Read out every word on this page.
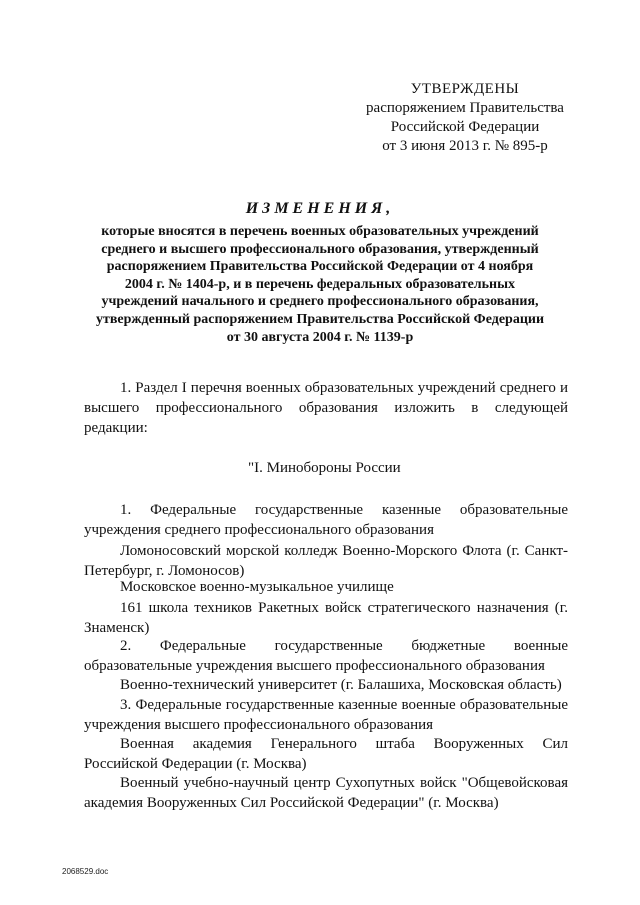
УТВЕРЖДЕНЫ
распоряжением Правительства
Российской Федерации
от 3 июня 2013 г. № 895-р
ИЗМЕНЕНИЯ,
которые вносятся в перечень военных образовательных учреждений
среднего и высшего профессионального образования, утвержденный
распоряжением Правительства Российской Федерации от 4 ноября
2004 г. № 1404-р, и в перечень федеральных образовательных
учреждений начального и среднего профессионального образования,
утвержденный распоряжением Правительства Российской Федерации
от 30 августа 2004 г. № 1139-р
1. Раздел I перечня военных образовательных учреждений среднего и высшего профессионального образования изложить в следующей редакции:
"I. Минобороны России
1. Федеральные государственные казенные образовательные учреждения среднего профессионального образования
Ломоносовский морской колледж Военно-Морского Флота (г. Санкт-Петербург, г. Ломоносов)
Московское военно-музыкальное училище
161 школа техников Ракетных войск стратегического назначения (г. Знаменск)
2. Федеральные государственные бюджетные военные образовательные учреждения высшего профессионального образования
Военно-технический университет (г. Балашиха, Московская область)
3. Федеральные государственные казенные военные образовательные учреждения высшего профессионального образования
Военная академия Генерального штаба Вооруженных Сил Российской Федерации (г. Москва)
Военный учебно-научный центр Сухопутных войск "Общевойсковая академия Вооруженных Сил Российской Федерации" (г. Москва)
2068529.doc
